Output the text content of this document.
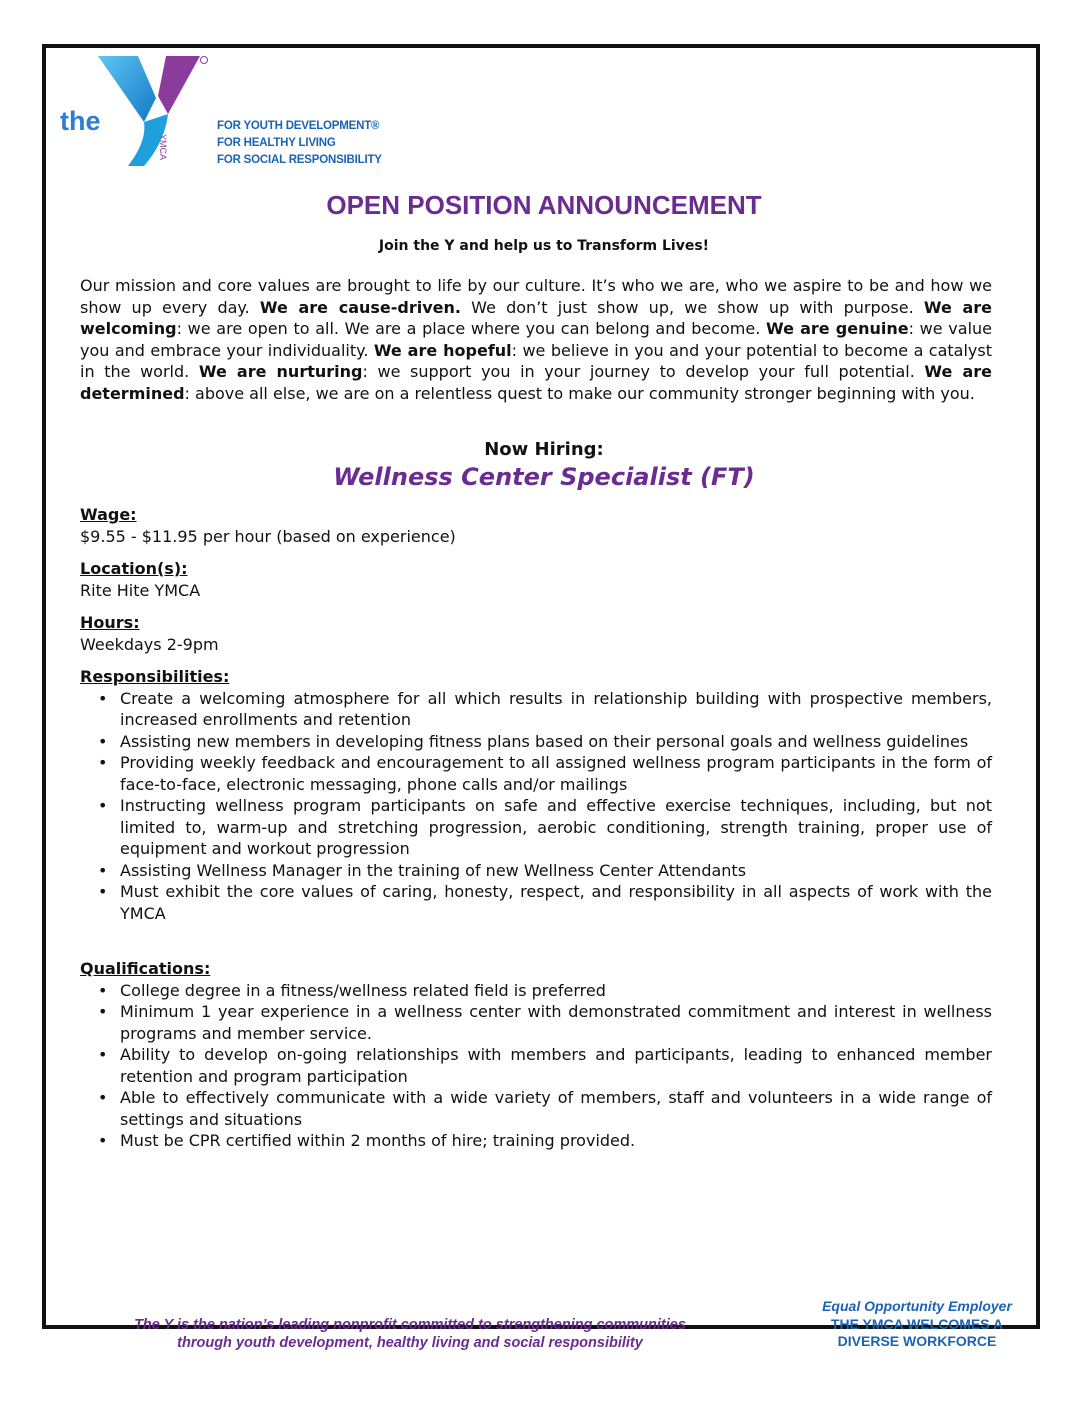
the
YMCA
FOR YOUTH DEVELOPMENT®
FOR HEALTHY LIVING
FOR SOCIAL RESPONSIBILITY
OPEN POSITION ANNOUNCEMENT
Join the Y and help us to Transform Lives!
Our mission and core values are brought to life by our culture. It’s who we are, who we aspire to be and how we show up every day. We are cause-driven. We don’t just show up, we show up with purpose. We are welcoming: we are open to all. We are a place where you can belong and become. We are genuine: we value you and embrace your individuality. We are hopeful: we believe in you and your potential to become a catalyst in the world. We are nurturing: we support you in your journey to develop your full potential. We are determined: above all else, we are on a relentless quest to make our community stronger beginning with you.
Now Hiring:
Wellness Center Specialist (FT)
Wage:

$9.55 - $11.95 per hour (based on experience)

Location(s):

Rite Hite YMCA

Hours:

Weekdays 2-9pm

Responsibilities:
• Create a welcoming atmosphere for all which results in relationship building with prospective members, increased enrollments and retention
• Assisting new members in developing fitness plans based on their personal goals and wellness guidelines
• Providing weekly feedback and encouragement to all assigned wellness program participants in the form of face-to-face, electronic messaging, phone calls and/or mailings
• Instructing wellness program participants on safe and effective exercise techniques, including, but not limited to, warm-up and stretching progression, aerobic conditioning, strength training, proper use of equipment and workout progression
• Assisting Wellness Manager in the training of new Wellness Center Attendants
• Must exhibit the core values of caring, honesty, respect, and responsibility in all aspects of work with the YMCA
Qualifications:
• College degree in a fitness/wellness related field is preferred
• Minimum 1 year experience in a wellness center with demonstrated commitment and interest in wellness programs and member service.
• Ability to develop on-going relationships with members and participants, leading to enhanced member retention and program participation
• Able to effectively communicate with a wide variety of members, staff and volunteers in a wide range of settings and situations
• Must be CPR certified within 2 months of hire; training provided.
The Y is the nation’s leading nonprofit committed to strengthening communities
through youth development, healthy living and social responsibility
Equal Opportunity Employer
THE YMCA WELCOMES A
DIVERSE WORKFORCE
